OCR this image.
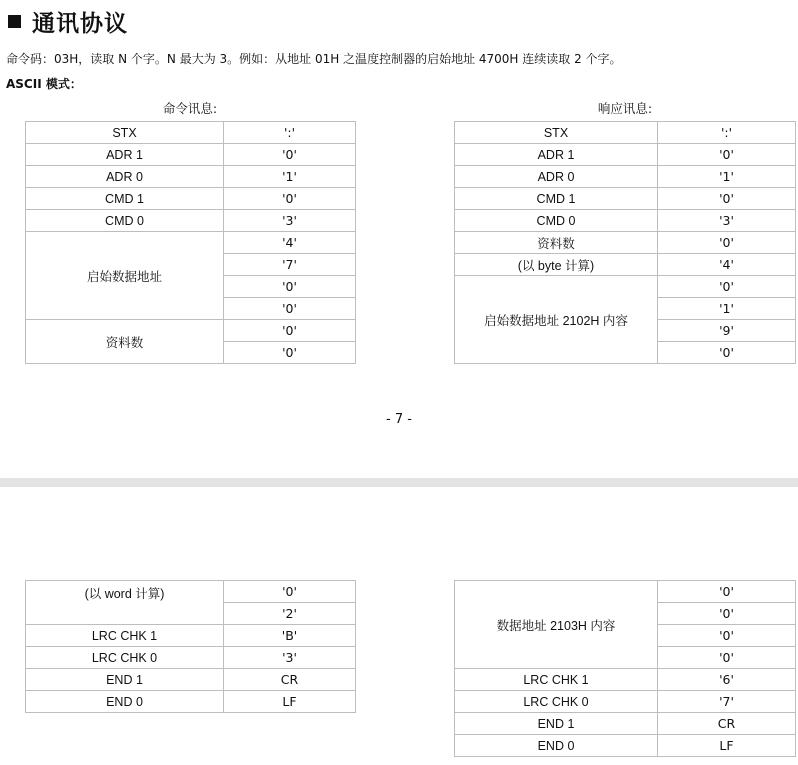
通讯协议
命令码：03H，读取 N 个字。N 最大为 3。例如：从地址 01H 之温度控制器的启始地址 4700H 连续读取 2 个字。
ASCII 模式：
命令讯息:	响应讯息:
STX	':'
ADR 1	'0'
ADR 0	'1'
CMD 1	'0'
CMD 0	'3'
启始数据地址	'4'
	'7'
	'0'
	'0'
资料数	'0'
	'0'
STX	':'
ADR 1	'0'
ADR 0	'1'
CMD 1	'0'
CMD 0	'3'
资料数	'0'
(以 byte 计算)	'4'
启始数据地址 2102H 内容	'0'
	'1'
	'9'
	'0'
- 7 -
(以 word 计算)	'0'
	'2'
LRC CHK 1	'B'
LRC CHK 0	'3'
END 1	CR
END 0	LF
数据地址 2103H 内容	'0'
	'0'
	'0'
	'0'
LRC CHK 1	'6'
LRC CHK 0	'7'
END 1	CR
END 0	LF
